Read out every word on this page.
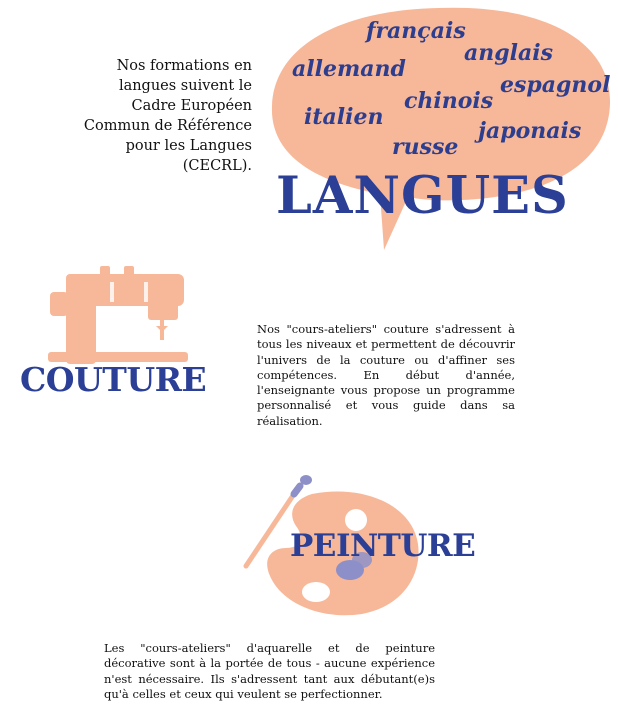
Nos formations en
langues suivent le
Cadre Européen
Commun de Référence
pour les Langues
(CECRL).
français
anglais
allemand
espagnol
chinois
italien
japonais
russe
LANGUES
COUTURE
Nos "cours-ateliers" couture s'adressent à tous les niveaux et permettent de découvrir l'univers de la couture ou d'affiner ses compétences. En début d'année, l'enseignante vous propose un programme personnalisé et vous guide dans sa réalisation.
PEINTURE
Les "cours-ateliers" d'aquarelle et de peinture décorative sont à la portée de tous - aucune expérience n'est nécessaire. Ils s'adressent tant aux débutant(e)s qu'à celles et ceux qui veulent se perfectionner.
